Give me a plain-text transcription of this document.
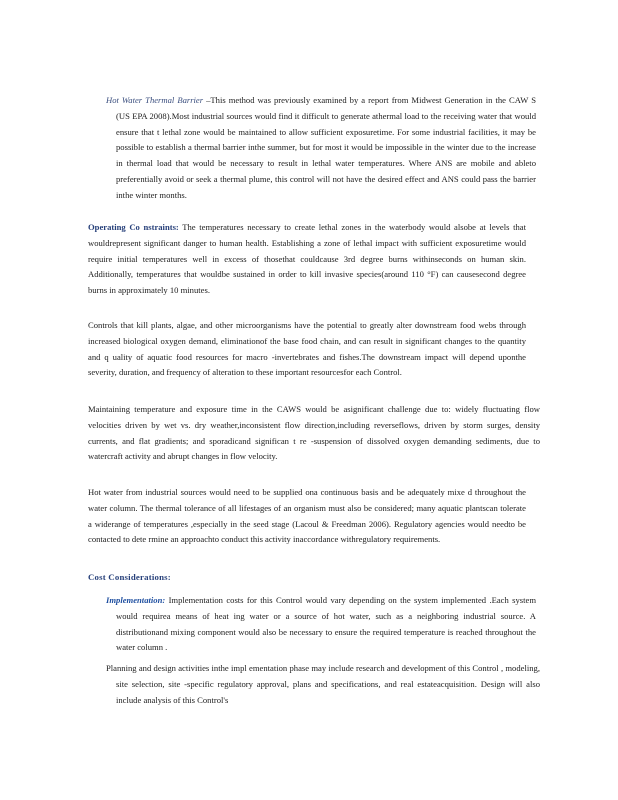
Hot Water Thermal Barrier –This method was previously examined by a report from Midwest Generation in the CAW S (US EPA 2008).Most industrial sources would find it difficult to generate athermal load to the receiving water that would ensure that t lethal zone would be maintained to allow sufficient exposuretime. For some industrial facilities, it may be possible to establish a thermal barrier inthe summer, but for most it would be impossible in the winter due to the increase in thermal load that would be necessary to result in lethal water temperatures. Where ANS are mobile and ableto preferentially avoid or seek a thermal plume, this control will not have the desired effect and ANS could pass the barrier inthe winter months.

Operating Co nstraints: The temperatures necessary to create lethal zones in the waterbody would alsobe at levels that wouldrepresent significant danger to human health. Establishing a zone of lethal impact with sufficient exposuretime would require initial temperatures well in excess of thosethat couldcause 3rd degree burns withinseconds on human skin. Additionally, temperatures that wouldbe sustained in order to kill invasive species(around 110 °F) can causesecond degree burns in approximately 10 minutes.

Controls that kill plants, algae, and other microorganisms have the potential to greatly alter downstream food webs through increased biological oxygen demand, eliminationof the base food chain, and can result in significant changes to the quantity and q uality of aquatic food resources for macro -invertebrates and fishes.The downstream impact will depend uponthe severity, duration, and frequency of alteration to these important resourcesfor each Control.

Maintaining temperature and exposure time in the CAWS would be asignificant challenge due to: widely fluctuating flow velocities driven by wet vs. dry weather,inconsistent flow direction,including reverseflows, driven by storm surges, density currents, and flat gradients; and sporadicand significan t re -suspension of dissolved oxygen demanding sediments, due to watercraft activity and abrupt changes in flow velocity.

Hot water from industrial sources would need to be supplied ona continuous basis and be adequately mixe d throughout the water column. The thermal tolerance of all lifestages of an organism must also be considered; many aquatic plantscan tolerate a widerange of temperatures ,especially in the seed stage (Lacoul & Freedman 2006). Regulatory agencies would needto be contacted to dete rmine an approachto conduct this activity inaccordance withregulatory requirements.

Cost Considerations:

Implementation: Implementation costs for this Control would vary depending on the system implemented .Each system would requirea means of heat ing water or a source of hot water, such as a neighboring industrial source. A distributionand mixing component would also be necessary to ensure the required temperature is reached throughout the water column .

Planning and design activities inthe impl ementation phase may include research and development of this Control , modeling, site selection, site -specific regulatory approval, plans and specifications, and real estateacquisition. Design will also include analysis of this Control's
